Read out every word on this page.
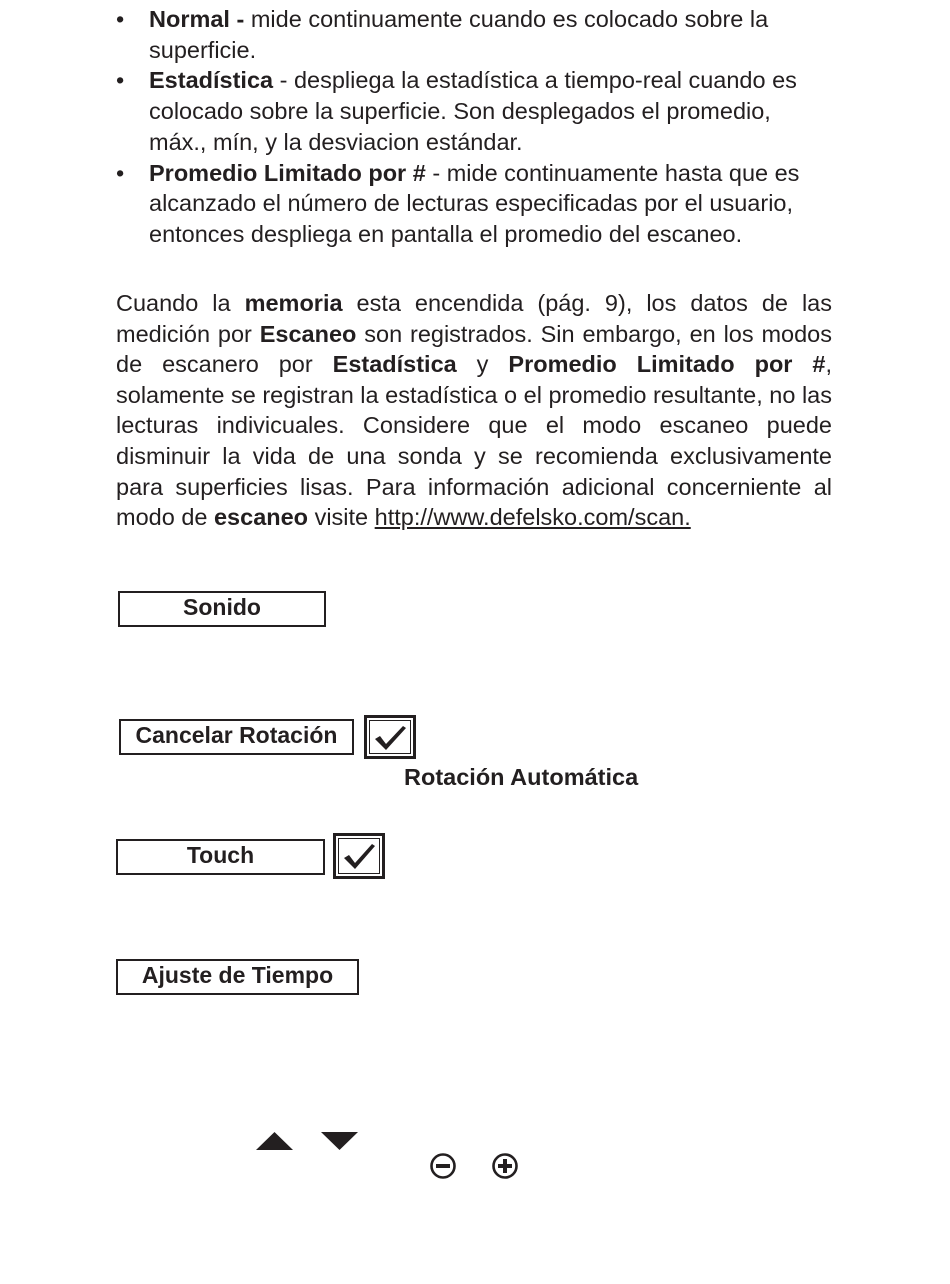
• Normal - mide continuamente cuando es colocado sobre la superficie.
• Estadística - despliega la estadística a tiempo-real cuando es colocado sobre la superficie. Son desplegados el promedio, máx., mín, y la desviacion estándar.
• Promedio Limitado por # - mide continuamente hasta que es alcanzado el número de lecturas especificadas por el usuario, entonces despliega en pantalla el promedio del escaneo.

Cuando la memoria esta encendida (pág. 9), los datos de las medición por Escaneo son registrados. Sin embargo, en los modos de escanero por Estadística y Promedio Limitado por #, solamente se registran la estadística o el promedio resultante, no las lecturas indivicuales. Considere que el modo escaneo puede disminuir la vida de una sonda y se recomienda exclusivamente para superficies lisas. Para información adicional concerniente al modo de escaneo visite http://www.defelsko.com/scan.

Sonido
Cancelar Rotación
Rotación Automática
Touch
Ajuste de Tiempo
